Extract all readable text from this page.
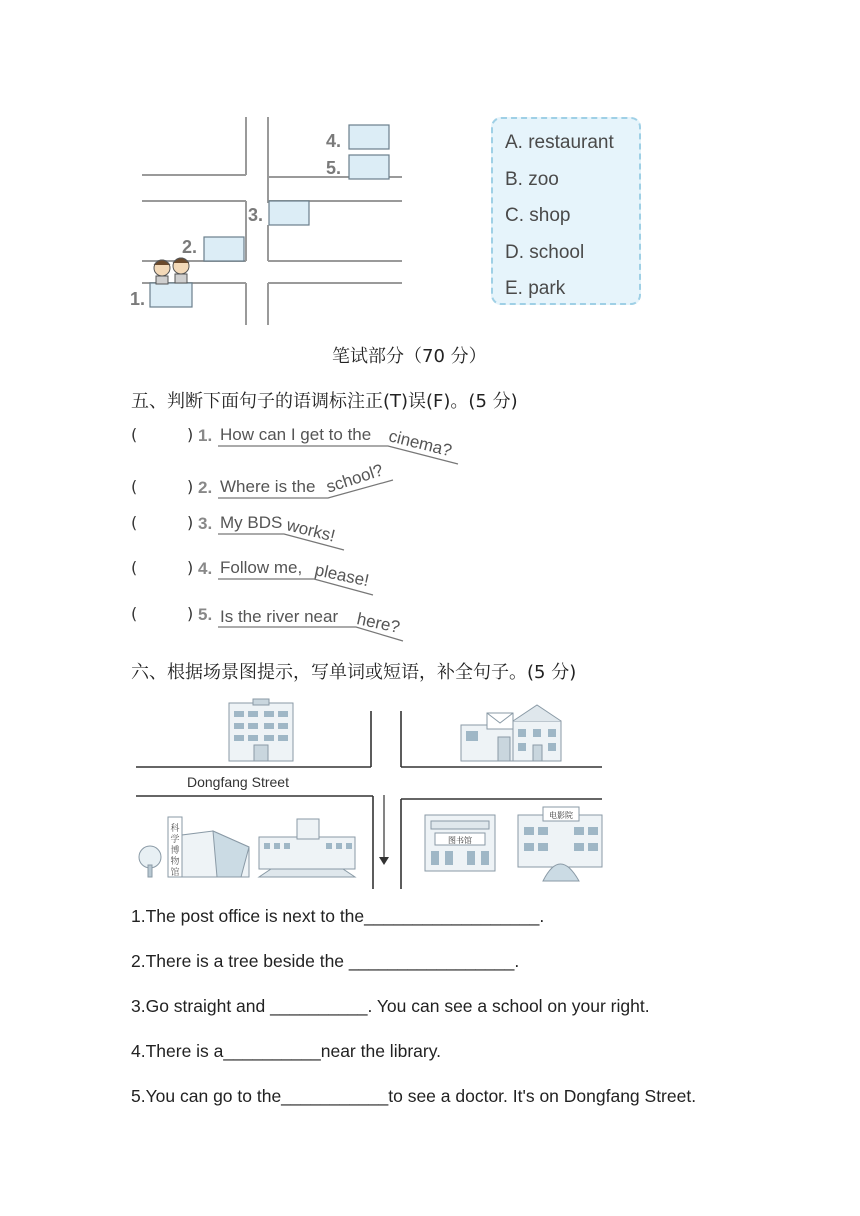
4.
5.
3.
2.
1.
A. restaurant
B. zoo
C. shop
D. school
E. park
笔试部分（70 分）
五、判断下面句子的语调标注正(T)误(F)。(5 分)
(	) 1. How can I get to the cinema?
(	) 2. Where is the school?
(	) 3. My BDS works!
(	) 4. Follow me, please!
(	) 5. Is the river near here?
六、根据场景图提示，写单词或短语，补全句子。(5 分)
Dongfang Street
科
学
博
物
馆
图书馆
电影院
1.The post office is next to the__________________.
2.There is a tree beside the _________________.
3.Go straight and __________. You can see a school on your right.
4.There is a__________near the library.
5.You can go to the___________to see a doctor. It's on Dongfang Street.
